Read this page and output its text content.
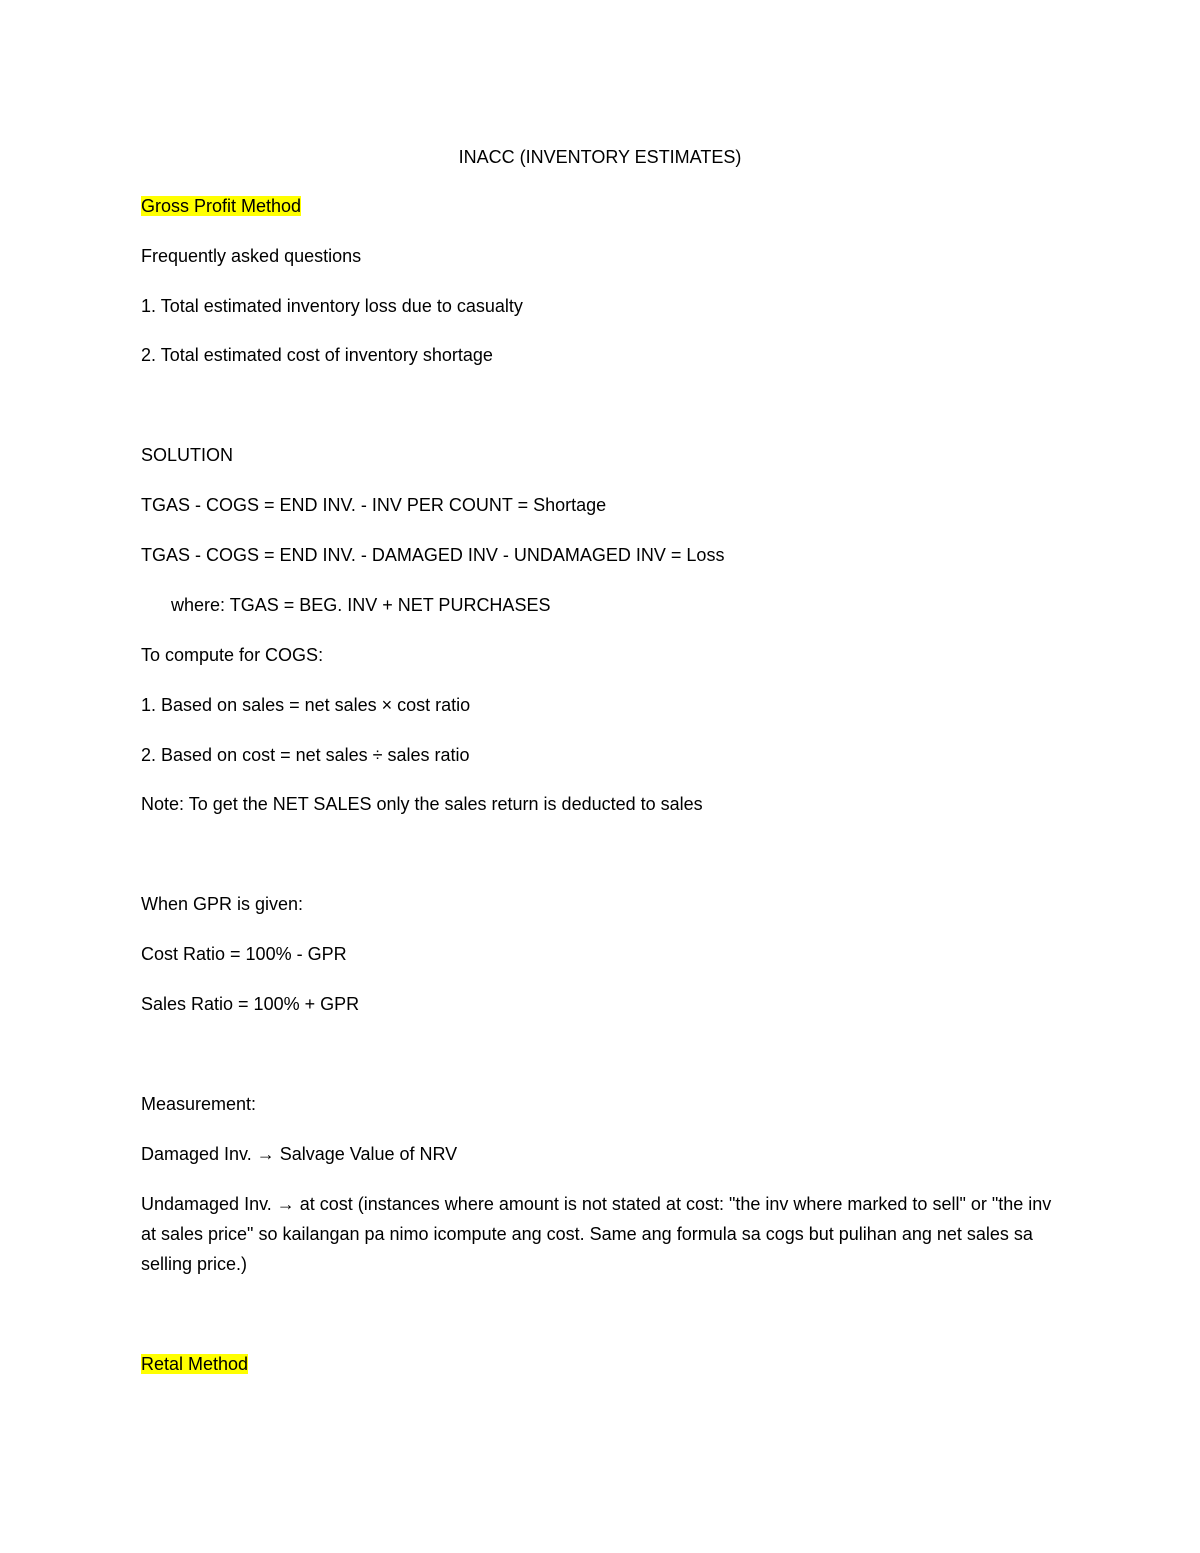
INACC (INVENTORY ESTIMATES)
Gross Profit Method
Frequently asked questions
1. Total estimated inventory loss due to casualty
2. Total estimated cost of inventory shortage
SOLUTION
TGAS - COGS = END INV. - INV PER COUNT = Shortage
TGAS - COGS = END INV. - DAMAGED INV - UNDAMAGED INV = Loss
where: TGAS = BEG. INV + NET PURCHASES
To compute for COGS:
1. Based on sales = net sales × cost ratio
2. Based on cost = net sales ÷ sales ratio
Note: To get the NET SALES only the sales return is deducted to sales
When GPR is given:
Cost Ratio = 100% - GPR
Sales Ratio = 100% + GPR
Measurement:
Damaged Inv. → Salvage Value of NRV
Undamaged Inv. → at cost (instances where amount is not stated at cost: "the inv where marked to sell" or "the inv at sales price" so kailangan pa nimo icompute ang cost. Same ang formula sa cogs but pulihan ang net sales sa selling price.)
Retal Method
